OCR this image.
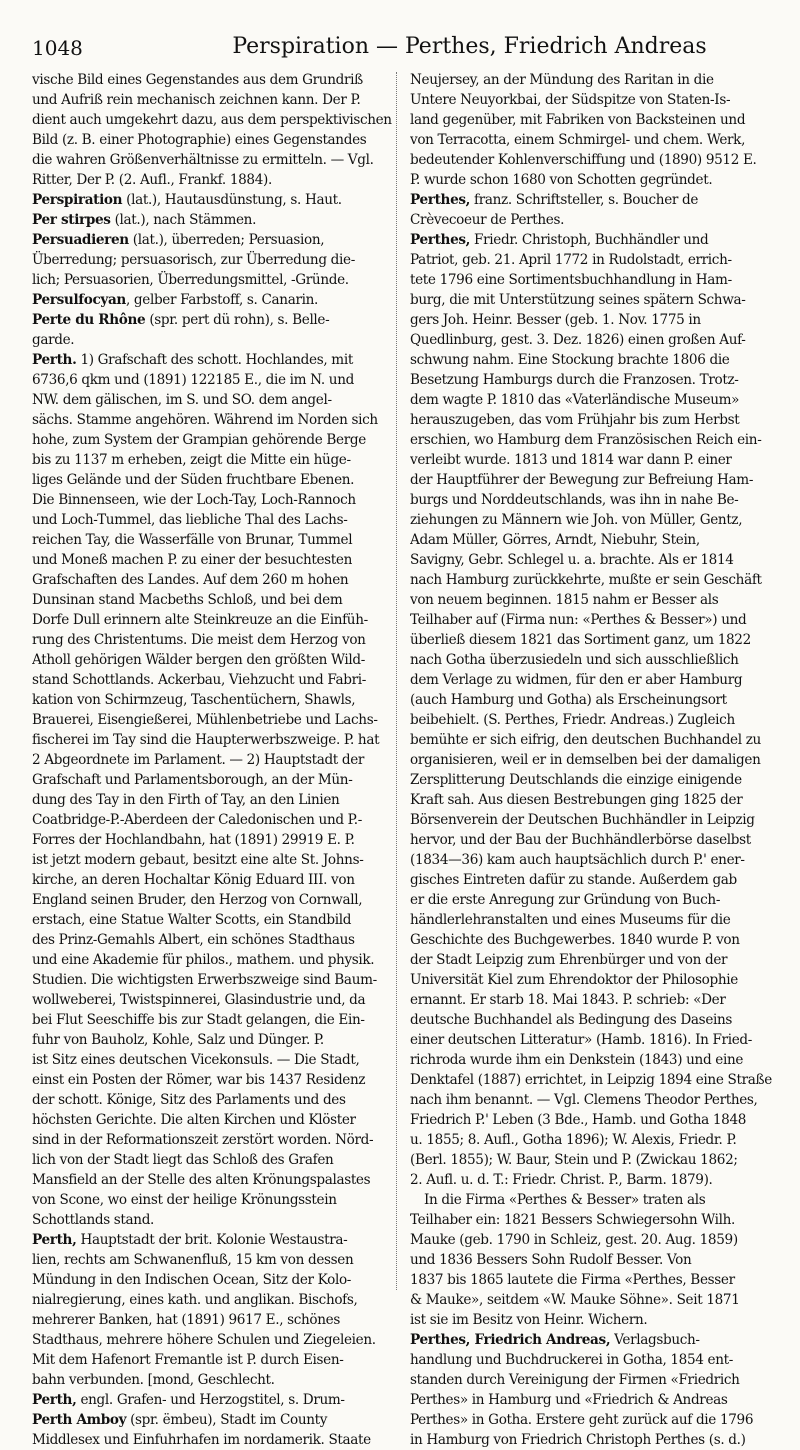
1048	Perspiration — Perthes, Friedrich Andreas
vische Bild eines Gegenstandes aus dem Grundriß
und Aufriß rein mechanisch zeichnen kann. Der P.
dient auch umgekehrt dazu, aus dem perspektivischen
Bild (z. B. einer Photographie) eines Gegenstandes
die wahren Größenverhältnisse zu ermitteln. — Vgl.
Ritter, Der P. (2. Aufl., Frankf. 1884).
Perspiration (lat.), Hautausdünstung, s. Haut.
Per stirpes (lat.), nach Stämmen.
Persuadieren (lat.), überreden; Persuasion,
Überredung; persuasorisch, zur Überredung die-
lich; Persuasorien, Überredungsmittel, -Gründe.
Persulfocyan, gelber Farbstoff, s. Canarin.
Perte du Rhône (spr. pert dü rohn), s. Belle-
garde.
Perth. 1) Grafschaft des schott. Hochlandes, mit
6736,6 qkm und (1891) 122185 E., die im N. und
NW. dem gälischen, im S. und SO. dem angel-
sächs. Stamme angehören. Während im Norden sich
hohe, zum System der Grampian gehörende Berge
bis zu 1137 m erheben, zeigt die Mitte ein hüge-
liges Gelände und der Süden fruchtbare Ebenen.
Die Binnenseen, wie der Loch-Tay, Loch-Rannoch
und Loch-Tummel, das liebliche Thal des Lachs-
reichen Tay, die Wasserfälle von Brunar, Tummel
und Moneß machen P. zu einer der besuchtesten
Grafschaften des Landes. Auf dem 260 m hohen
Dunsinan stand Macbeths Schloß, und bei dem
Dorfe Dull erinnern alte Steinkreuze an die Einfüh-
rung des Christentums. Die meist dem Herzog von
Atholl gehörigen Wälder bergen den größten Wild-
stand Schottlands. Ackerbau, Viehzucht und Fabri-
kation von Schirmzeug, Taschentüchern, Shawls,
Brauerei, Eisengießerei, Mühlenbetriebe und Lachs-
fischerei im Tay sind die Haupterwerbszweige. P. hat
2 Abgeordnete im Parlament. — 2) Hauptstadt der
Grafschaft und Parlamentsborough, an der Mün-
dung des Tay in den Firth of Tay, an den Linien
Coatbridge-P.-Aberdeen der Caledonischen und P.-
Forres der Hochlandbahn, hat (1891) 29919 E. P.
ist jetzt modern gebaut, besitzt eine alte St. Johns-
kirche, an deren Hochaltar König Eduard III. von
England seinen Bruder, den Herzog von Cornwall,
erstach, eine Statue Walter Scotts, ein Standbild
des Prinz-Gemahls Albert, ein schönes Stadthaus
und eine Akademie für philos., mathem. und physik.
Studien. Die wichtigsten Erwerbszweige sind Baum-
wollweberei, Twistspinnerei, Glasindustrie und, da
bei Flut Seeschiffe bis zur Stadt gelangen, die Ein-
fuhr von Bauholz, Kohle, Salz und Dünger. P.
ist Sitz eines deutschen Vicekonsuls. — Die Stadt,
einst ein Posten der Römer, war bis 1437 Residenz
der schott. Könige, Sitz des Parlaments und des
höchsten Gerichte. Die alten Kirchen und Klöster
sind in der Reformationszeit zerstört worden. Nörd-
lich von der Stadt liegt das Schloß des Grafen
Mansfield an der Stelle des alten Krönungspalastes
von Scone, wo einst der heilige Krönungsstein
Schottlands stand.
Perth, Hauptstadt der brit. Kolonie Westaustra-
lien, rechts am Schwanenfluß, 15 km von dessen
Mündung in den Indischen Ocean, Sitz der Kolo-
nialregierung, eines kath. und anglikan. Bischofs,
mehrerer Banken, hat (1891) 9617 E., schönes
Stadthaus, mehrere höhere Schulen und Ziegeleien.
Mit dem Hafenort Fremantle ist P. durch Eisen-
bahn verbunden. [mond, Geschlecht.
Perth, engl. Grafen- und Herzogstitel, s. Drum-
Perth Amboy (spr. ëmbeu), Stadt im County
Middlesex und Einfuhrhafen im nordamerik. Staate
Neujersey, an der Mündung des Raritan in die
Untere Neuyorkbai, der Südspitze von Staten-Is-
land gegenüber, mit Fabriken von Backsteinen und
von Terracotta, einem Schmirgel- und chem. Werk,
bedeutender Kohlenverschiffung und (1890) 9512 E.
P. wurde schon 1680 von Schotten gegründet.
Perthes, franz. Schriftsteller, s. Boucher de
Crèvecoeur de Perthes.
Perthes, Friedr. Christoph, Buchhändler und
Patriot, geb. 21. April 1772 in Rudolstadt, errich-
tete 1796 eine Sortimentsbuchhandlung in Ham-
burg, die mit Unterstützung seines spätern Schwa-
gers Joh. Heinr. Besser (geb. 1. Nov. 1775 in
Quedlinburg, gest. 3. Dez. 1826) einen großen Auf-
schwung nahm. Eine Stockung brachte 1806 die
Besetzung Hamburgs durch die Franzosen. Trotz-
dem wagte P. 1810 das «Vaterländische Museum»
herauszugeben, das vom Frühjahr bis zum Herbst
erschien, wo Hamburg dem Französischen Reich ein-
verleibt wurde. 1813 und 1814 war dann P. einer
der Hauptführer der Bewegung zur Befreiung Ham-
burgs und Norddeutschlands, was ihn in nahe Be-
ziehungen zu Männern wie Joh. von Müller, Gentz,
Adam Müller, Görres, Arndt, Niebuhr, Stein,
Savigny, Gebr. Schlegel u. a. brachte. Als er 1814
nach Hamburg zurückkehrte, mußte er sein Geschäft
von neuem beginnen. 1815 nahm er Besser als
Teilhaber auf (Firma nun: «Perthes & Besser») und
überließ diesem 1821 das Sortiment ganz, um 1822
nach Gotha überzusiedeln und sich ausschließlich
dem Verlage zu widmen, für den er aber Hamburg
(auch Hamburg und Gotha) als Erscheinungsort
beibehielt. (S. Perthes, Friedr. Andreas.) Zugleich
bemühte er sich eifrig, den deutschen Buchhandel zu
organisieren, weil er in demselben bei der damaligen
Zersplitterung Deutschlands die einzige einigende
Kraft sah. Aus diesen Bestrebungen ging 1825 der
Börsenverein der Deutschen Buchhändler in Leipzig
hervor, und der Bau der Buchhändlerbörse daselbst
(1834—36) kam auch hauptsächlich durch P.' ener-
gisches Eintreten dafür zu stande. Außerdem gab
er die erste Anregung zur Gründung von Buch-
händlerlehranstalten und eines Museums für die
Geschichte des Buchgewerbes. 1840 wurde P. von
der Stadt Leipzig zum Ehrenbürger und von der
Universität Kiel zum Ehrendoktor der Philosophie
ernannt. Er starb 18. Mai 1843. P. schrieb: «Der
deutsche Buchhandel als Bedingung des Daseins
einer deutschen Litteratur» (Hamb. 1816). In Fried-
richroda wurde ihm ein Denkstein (1843) und eine
Denktafel (1887) errichtet, in Leipzig 1894 eine Straße
nach ihm benannt. — Vgl. Clemens Theodor Perthes,
Friedrich P.' Leben (3 Bde., Hamb. und Gotha 1848
u. 1855; 8. Aufl., Gotha 1896); W. Alexis, Friedr. P.
(Berl. 1855); W. Baur, Stein und P. (Zwickau 1862;
2. Aufl. u. d. T.: Friedr. Christ. P., Barm. 1879).
In die Firma «Perthes & Besser» traten als
Teilhaber ein: 1821 Bessers Schwiegersohn Wilh.
Mauke (geb. 1790 in Schleiz, gest. 20. Aug. 1859)
und 1836 Bessers Sohn Rudolf Besser. Von
1837 bis 1865 lautete die Firma «Perthes, Besser
& Mauke», seitdem «W. Mauke Söhne». Seit 1871
ist sie im Besitz von Heinr. Wichern.
Perthes, Friedrich Andreas, Verlagsbuch-
handlung und Buchdruckerei in Gotha, 1854 ent-
standen durch Vereinigung der Firmen «Friedrich
Perthes» in Hamburg und «Friedrich & Andreas
Perthes» in Gotha. Erstere geht zurück auf die 1796
in Hamburg von Friedrich Christoph Perthes (s. d.)
